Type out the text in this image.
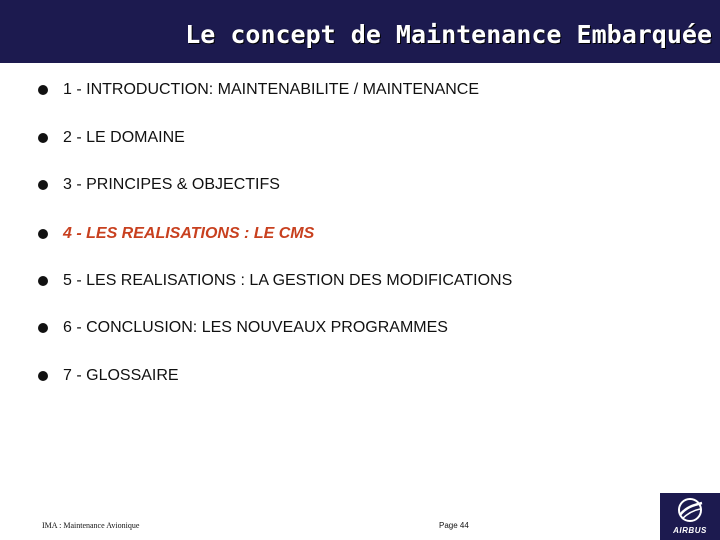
Le concept de Maintenance Embarquée
1 - INTRODUCTION: MAINTENABILITE / MAINTENANCE
2 - LE DOMAINE
3 - PRINCIPES & OBJECTIFS
4 - LES REALISATIONS : LE CMS
5 - LES REALISATIONS : LA GESTION DES MODIFICATIONS
6 - CONCLUSION: LES NOUVEAUX PROGRAMMES
7 - GLOSSAIRE
IMA : Maintenance Avionique	Page 44
AIRBUS
